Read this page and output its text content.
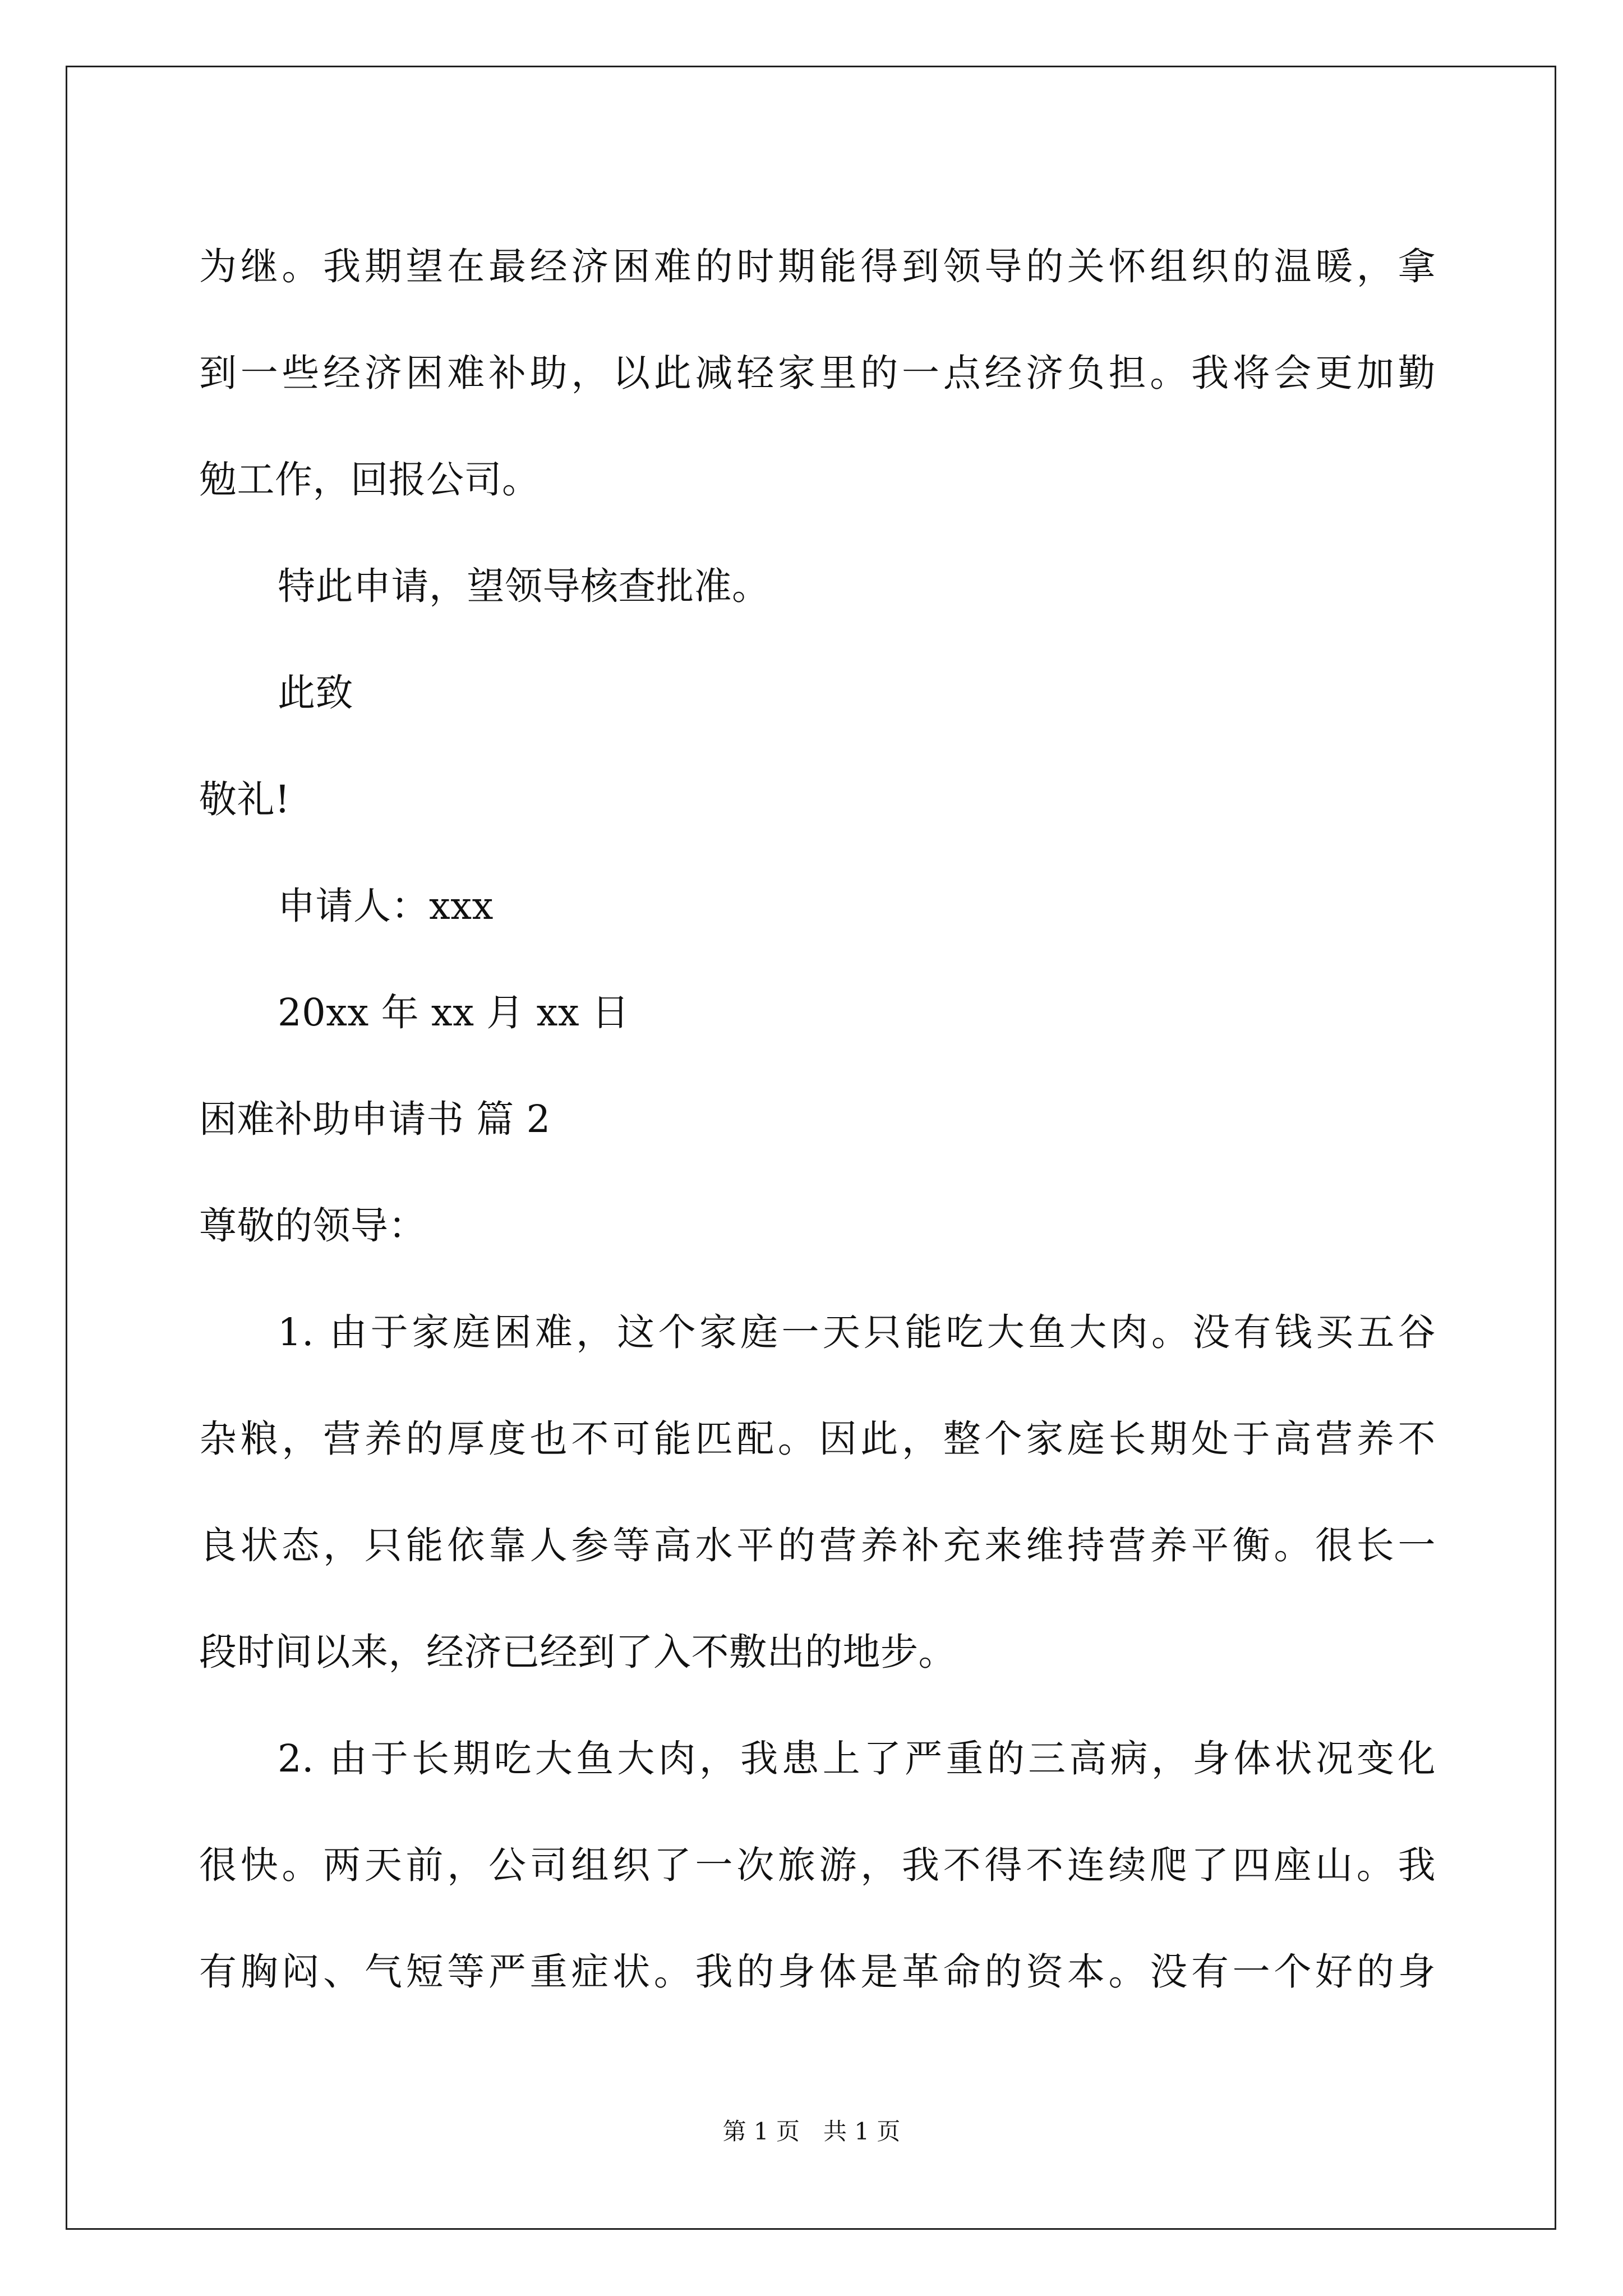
为继。我期望在最经济困难的时期能得到领导的关怀组织的温暖，拿
到一些经济困难补助，以此减轻家里的一点经济负担。我将会更加勤
勉工作，回报公司。
特此申请，望领导核查批准。
此致
敬礼!
申请人：xxx
20xx 年 xx 月 xx 日
困难补助申请书 篇 2
尊敬的领导：
1. 由于家庭困难，这个家庭一天只能吃大鱼大肉。没有钱买五谷
杂粮，营养的厚度也不可能匹配。因此，整个家庭长期处于高营养不
良状态，只能依靠人参等高水平的营养补充来维持营养平衡。很长一
段时间以来，经济已经到了入不敷出的地步。
2. 由于长期吃大鱼大肉，我患上了严重的三高病，身体状况变化
很快。两天前，公司组织了一次旅游，我不得不连续爬了四座山。我
有胸闷、气短等严重症状。我的身体是革命的资本。没有一个好的身
第 1 页　共 1 页
